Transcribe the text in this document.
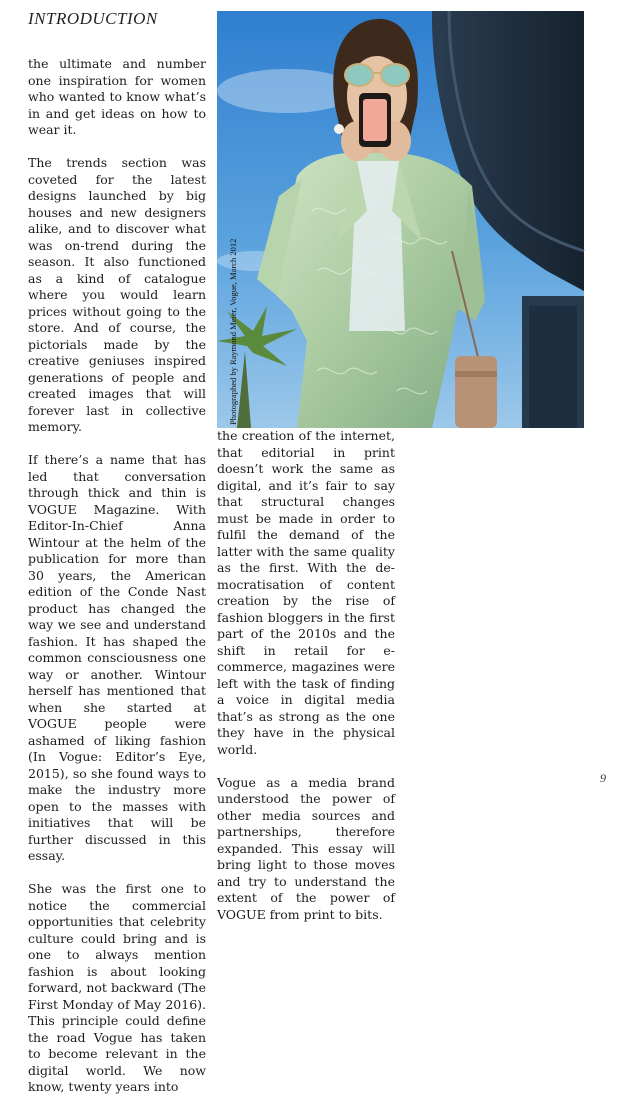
INTRODUCTION

the ultimate and number one inspiration for women who wanted to know what’s in and get ideas on how to wear it.

The trends section was coveted for the latest designs launched by big houses and new designers alike, and to discover what was on-trend during the season. It also functioned as a kind of catalogue where you would learn prices without going to the store. And of course, the pictorials made by the creative geniuses inspired generations of people and created images that will forever last in collective memory.

If there’s a name that has led that conversation through thick and thin is VOGUE Magazine. With Editor-In-Chief Anna Wintour at the helm of the publication for more than 30 years, the American edition of the Conde Nast product has changed the way we see and understand fashion. It has shaped the common consciousness one way or another. Wintour herself has mentioned that when she started at VOGUE people were ashamed of liking fashion (In Vogue: Editor’s Eye, 2015), so she found ways to make the industry more open to the masses with initiatives that will be further discussed in this essay.

She was the first one to notice the commercial opportunities that celebrity culture could bring and is one to always mention fashion is about looking forward, not backward (The First Monday of May 2016). This principle could define the road Vogue has taken to become relevant in the digital world. We now know, twenty years into

Photographed by Raymond Meier, Vogue, March 2012

the creation of the internet, that editorial in print doesn’t work the same as digital, and it’s fair to say that structural changes must be made in order to fulfil the demand of the latter with the same quality as the first. With the democratisation of content creation by the rise of fashion bloggers in the first part of the 2010s and the shift in retail for e-commerce, magazines were left with the task of finding a voice in digital media that’s as strong as the one they have in the physical world.

Vogue as a media brand understood the power of other media sources and partnerships, therefore expanded. This essay will bring light to those moves and try to understand the extent of the power of VOGUE from print to bits.

9
